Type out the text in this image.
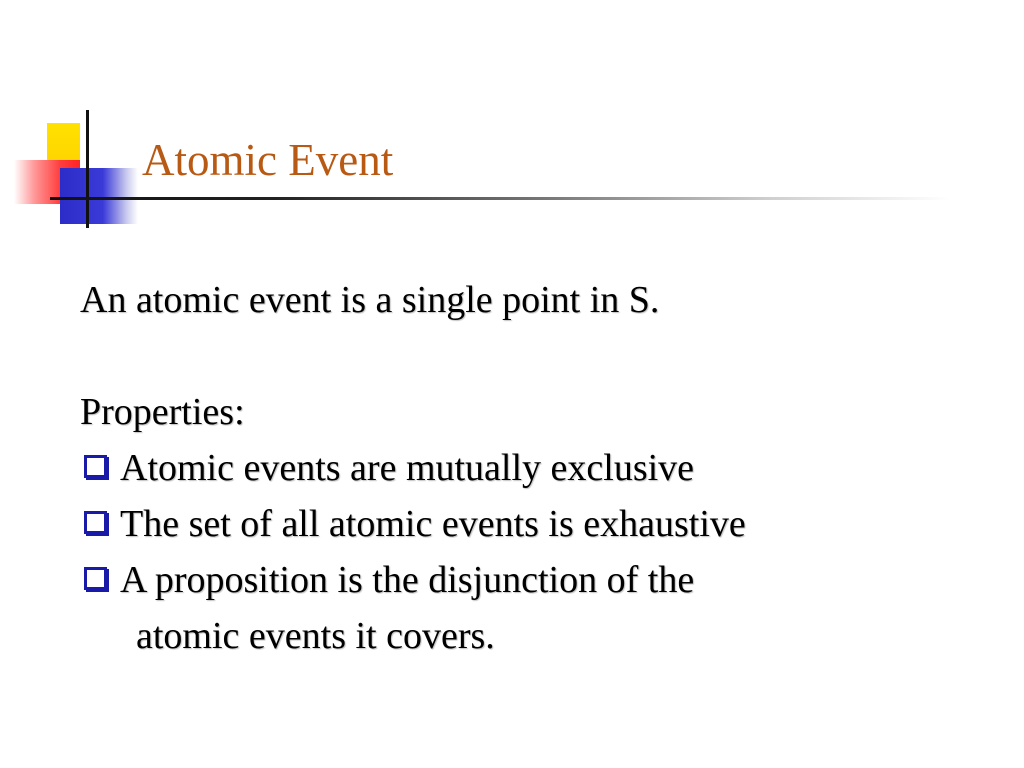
Atomic Event

An atomic event is a single point in S.

Properties:

Atomic events are mutually exclusive
The set of all atomic events is exhaustive
A proposition is the disjunction of the
atomic events it covers.
